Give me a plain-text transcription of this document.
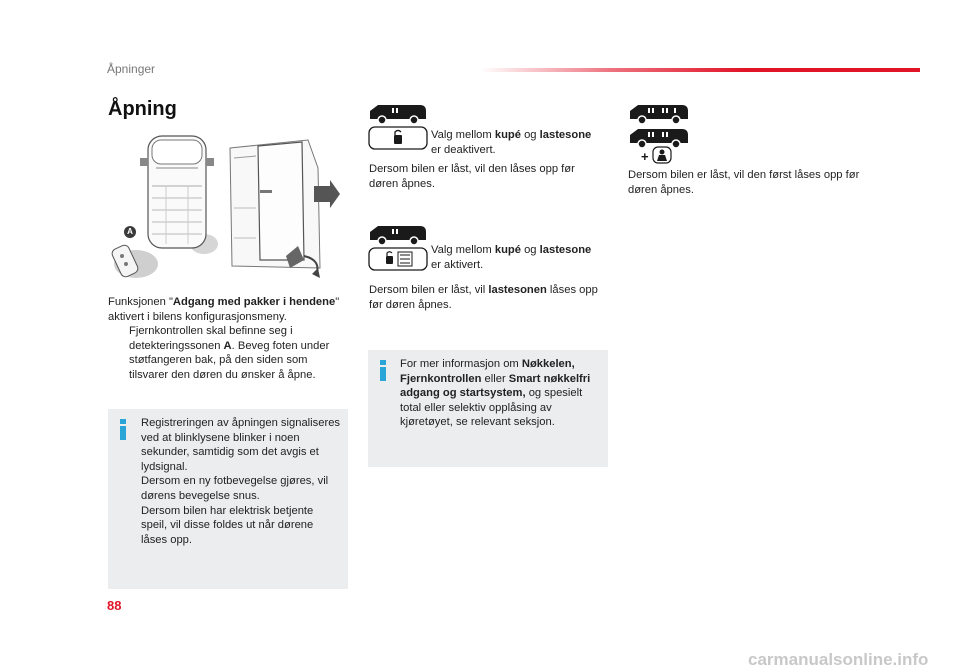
Åpninger
Åpning
A
Funksjonen "Adgang med pakker i hendene" aktivert i bilens konfigurasjonsmeny.
Fjernkontrollen skal befinne seg i detekteringssonen A. Beveg foten under støtfangeren bak, på den siden som tilsvarer den døren du ønsker å åpne.
Registreringen av åpningen signaliseres ved at blinklysene blinker i noen sekunder, samtidig som det avgis et lydsignal.
Dersom en ny fotbevegelse gjøres, vil dørens bevegelse snus.
Dersom bilen har elektrisk betjente speil, vil disse foldes ut når dørene låses opp.
Valg mellom kupé og lastesone
er deaktivert.
Dersom bilen er låst, vil den låses opp før døren åpnes.
Valg mellom kupé og lastesone
er aktivert.
Dersom bilen er låst, vil lastesonen låses opp før døren åpnes.
For mer informasjon om Nøkkelen, Fjernkontrollen eller Smart nøkkelfri adgang og startsystem, og spesielt total eller selektiv opplåsing av kjøretøyet, se relevant seksjon.
+
Dersom bilen er låst, vil den først låses opp før døren åpnes.
88
carmanualsonline.info
